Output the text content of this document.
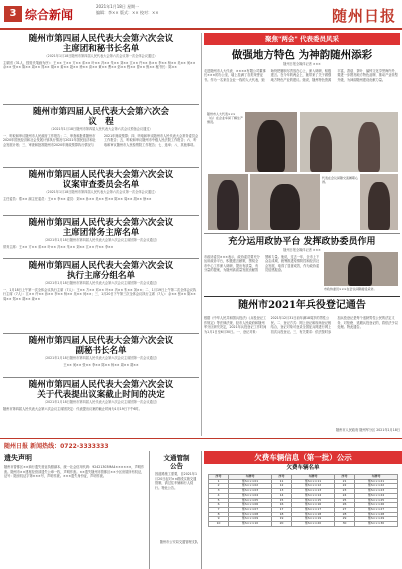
3 综合新闻
2021年1月18日 星期一
编辑：李×× 版式：×× 校对：××	随州日报
随州市第四届人民代表大会第六次会议
主席团和秘书长名单
（2021年1月18日随州市第四届人民代表大会第六次会议第一次全体会议通过）
主席团（31人，按姓氏笔画为序）：王×× 王×× 方×× 邓×× 叶×× 冯×× 朱×× 刘×× 江×× 许×× 孙×× 李×× 杨×× 吴×× 何×× 余×× 张×× 陈×× 周×× 郑×× 胡×× 姜×× 聂×× 徐×× 高×× 黄×× 曹×× 彭×× 程×× 曾×× 熊×× 秘书长：陈××
随州市第四届人民代表大会第六次会
议　程
（2021年1月18日随州市第四届人民代表大会第六次会议预备会议通过）
一、听取和审议随州市人民政府工作报告；二、审查和批准随州市2020年国民经济和社会发展计划执行情况与2021年国民经济和社会发展计划；三、审查和批准随州市2020年财政预算执行情况与2021年财政预算；四、听取和审议随州市人民代表大会常务委员会工作报告；五、听取和审议随州市中级人民法院工作报告；六、听取和审议随州市人民检察院工作报告；七、选举；八、其他事项。
随州市第四届人民代表大会第六次会议
议案审查委员会名单
（2021年1月18日随州市第四届人民代表大会第六次会议第一次全体会议通过）
主任委员：郑×× 副主任委员：王×× 李×× 委员：刘×× 孙×× 吴×× 张×× 陈×× 周×× 胡×× 徐××
随州市第四届人民代表大会第六次会议
主席团常务主席名单
（2021年1月18日随州市第四届人民代表大会第六次会议主席团第一次会议通过）
常务主席：王×× 方×× 邓×× 叶×× 冯×× 朱×× 刘×× 江×× 许×× 李××
随州市第四届人民代表大会第六次会议
执行主席分组名单
（2021年1月18日随州市第四届人民代表大会第六次会议主席团第一次会议通过）
一、1月18日上午第一次全体会议执行主席（7人）：王×× 方×× 邓×× 叶×× 冯×× 朱×× 刘××；二、1月19日上午第二次全体会议执行主席（7人）：江×× 许×× 孙×× 李×× 杨×× 吴×× 何××；三、1月20日下午第三次全体会议执行主席（7人）：余×× 张×× 陈×× 周×× 郑×× 胡×× 姜××
随州市第四届人民代表大会第六次会议
副秘书长名单
（2021年1月18日随州市第四届人民代表大会第六次会议主席团第一次会议通过）
王×× 何×× 张×× 李×× 陈×× 杨×× 周×× 胡××
随州市第四届人民代表大会第六次会议
关于代表提出议案截止时间的决定
（2021年1月18日随州市第四届人民代表大会第六次会议主席团第一次会议通过）
随州市第四届人民代表大会第六次会议主席团决定：代表提出议案的截止时间为1月19日下午6时。
聚焦"两会" 代表委员风采
做强地方特色 为神韵随州添彩
随州日报全媒体记者 ×××
走进随州市人大代表、××××有限公司董事长×××的办公室，墙上挂满了各类荣誉证书。作为一名来自企业一线的人大代表，她始终把履职尽责放在心上，深入调研，积极建言。在今年的两会上，她带来了关于做强地方特色产业的建议。她说，随州特色资源丰富，香菇、茶叶、编钟文化享誉海内外，要进一步擦亮地方特色品牌，推动产业转型升级，为神韵随州建设贡献力量。
随州市人大代表×××（右）在企业车间了解生产情况。
代表在会议间隙交流履职心得。
充分运用政协平台 发挥政协委员作用
随州日报全媒体记者 ×××
市政协委员×××表示，政协委员要充分运用政协平台，积极建言献策，围绕全市中心工作深入调研，提出有质量、有分量的提案，为随州高质量发展贡献智慧和力量。他说，过去一年，全市上下众志成城，统筹推进疫情防控和经济社会发展，取得了显著成效，作为政协委员倍感振奋。
市政协委员×××在会议间隙接受采访。
随州市2021年兵役登记通告
根据《中华人民共和国兵役法》《兵役登记工作规定》等法律法规，经市人民政府和随州军分区研究决定，2021年兵役登记工作时间为1月1日至6月30日。一、登记对象：2021年12月31日前年满18周岁的男性公民。二、登记方式：网上登记和现场登记相结合，登记对象可登录全国征兵网进行网上初次兵役登记。三、有关要求：依法按时参加兵役登记是每个适龄男性公民的法定义务，对拒绝、逃避兵役登记的，将依法予以处理。特此通告。
随州市人民政府 随州军分区 2021年1月18日
随州日报 新闻热线：0722-3333333
遗失声明
随州市曾都区××商行遗失营业执照副本，统一社会信用代码：92421303MA4××××××，声明作废。随州市××建材经营部遗失公章一枚，声明作废。××遗失随州市曾都区××小区房屋所有权证，证号：随房权证字第×××号，声明作废。×××遗失身份证，声明作废。
文通管制
公告
因道路施工需要，自2021年1月20日起对××路段实施交通管制，请过往车辆和行人绕行。特此公告。
随州市公安局交通管理支队
欠费车辆信息（第一批）公示
欠费车辆名单
序号	车牌号	序号	车牌号	序号	车牌号
1	鄂S×××01	11	鄂S×××11	21	鄂S×××21
2	鄂S×××02	12	鄂S×××12	22	鄂S×××22
3	鄂S×××03	13	鄂S×××13	23	鄂S×××23
4	鄂S×××04	14	鄂S×××14	24	鄂S×××24
5	鄂S×××05	15	鄂S×××15	25	鄂S×××25
6	鄂S×××06	16	鄂S×××16	26	鄂S×××26
7	鄂S×××07	17	鄂S×××17	27	鄂S×××27
8	鄂S×××08	18	鄂S×××18	28	鄂S×××28
9	鄂S×××09	19	鄂S×××19	29	鄂S×××29
10	鄂S×××10	20	鄂S×××20	30	鄂S×××30
